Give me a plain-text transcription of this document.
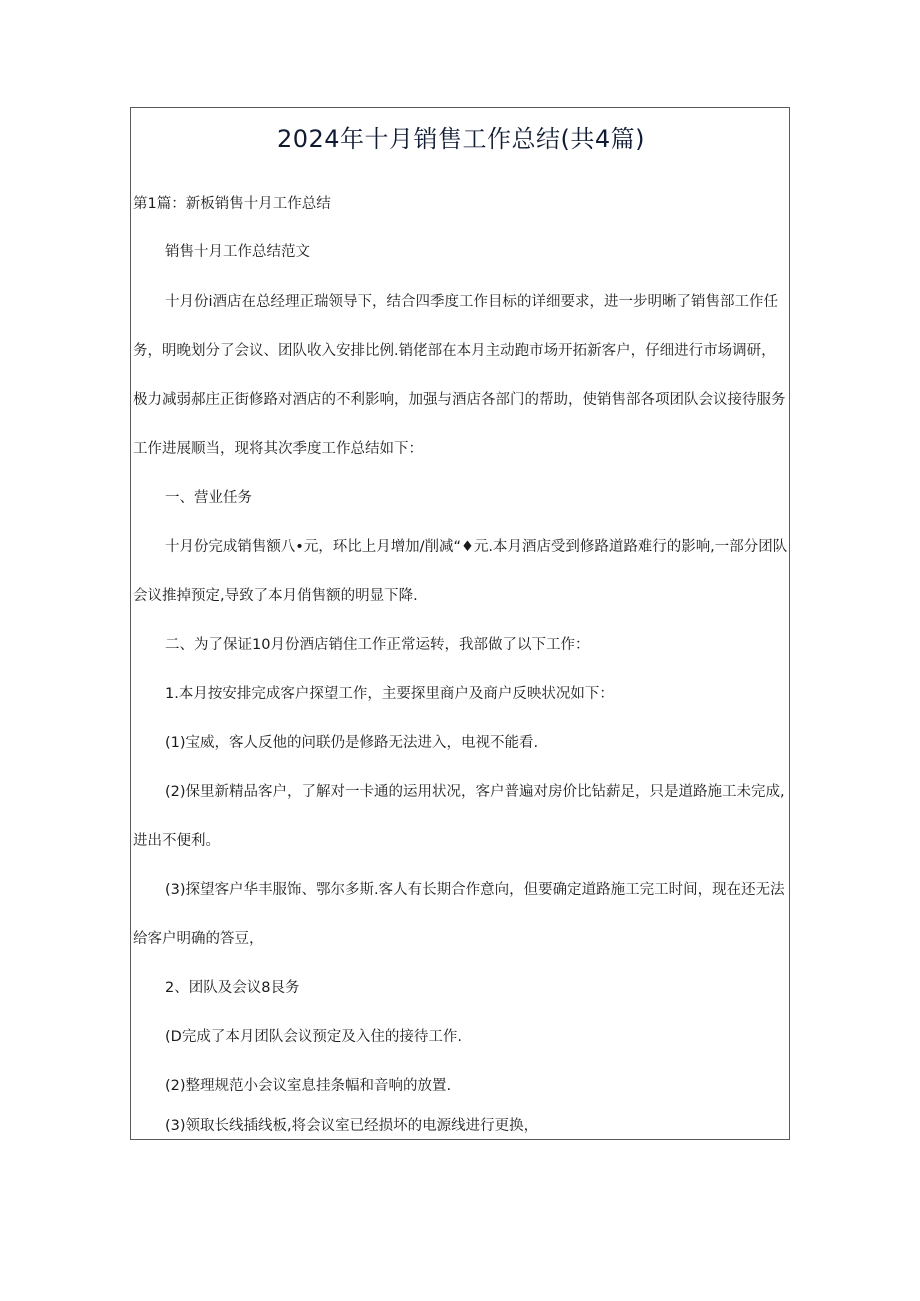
2024年十月销售工作总结(共4篇)
第1篇：新板销售十月工作总结
销售十月工作总结范文
十月份i酒店在总经理正瑞领导下，结合四季度工作目标的详细要求，进一步明晰了销售部工作任
务，明晚划分了会议、团队收入安排比例.销佬部在本月主动跑市场开拓新客户，仔细进行市场调研，
极力减弱郝庄正街修路对酒店的不利影响，加强与酒店各部门的帮助，使销售部各项团队会议接待服务
工作进展顺当，现将其次季度工作总结如下：
一、营业任务
十月份完成销售额八•元，环比上月增加/削减“♦元.本月酒店受到修路道路难行的影响,一部分团队
会议推掉预定,导致了本月俏售额的明显下降.
二、为了保证10月份酒店销住工作正常运转，我部做了以下工作：
1.本月按安排完成客户探望工作，主要探里商户及商户反映状况如下：
(1)宝威，客人反他的问联仍是修路无法进入，电视不能看.
(2)保里新精品客户，了解对一卡通的运用状况，客户普遍对房价比钻薪足，只是道路施工未完成,
进出不便利。
(3)探望客户华丰服饰、鄂尔多斯.客人有长期合作意向，但要确定道路施工完工时间，现在还无法
给客户明确的答豆，
2、团队及会议8艮务
(D完成了本月团队会议预定及入住的接待工作.
(2)整理规范小会议室息挂条幅和音响的放置.
(3)领取长线插线板,将会议室已经损坏的电源线进行更换，
